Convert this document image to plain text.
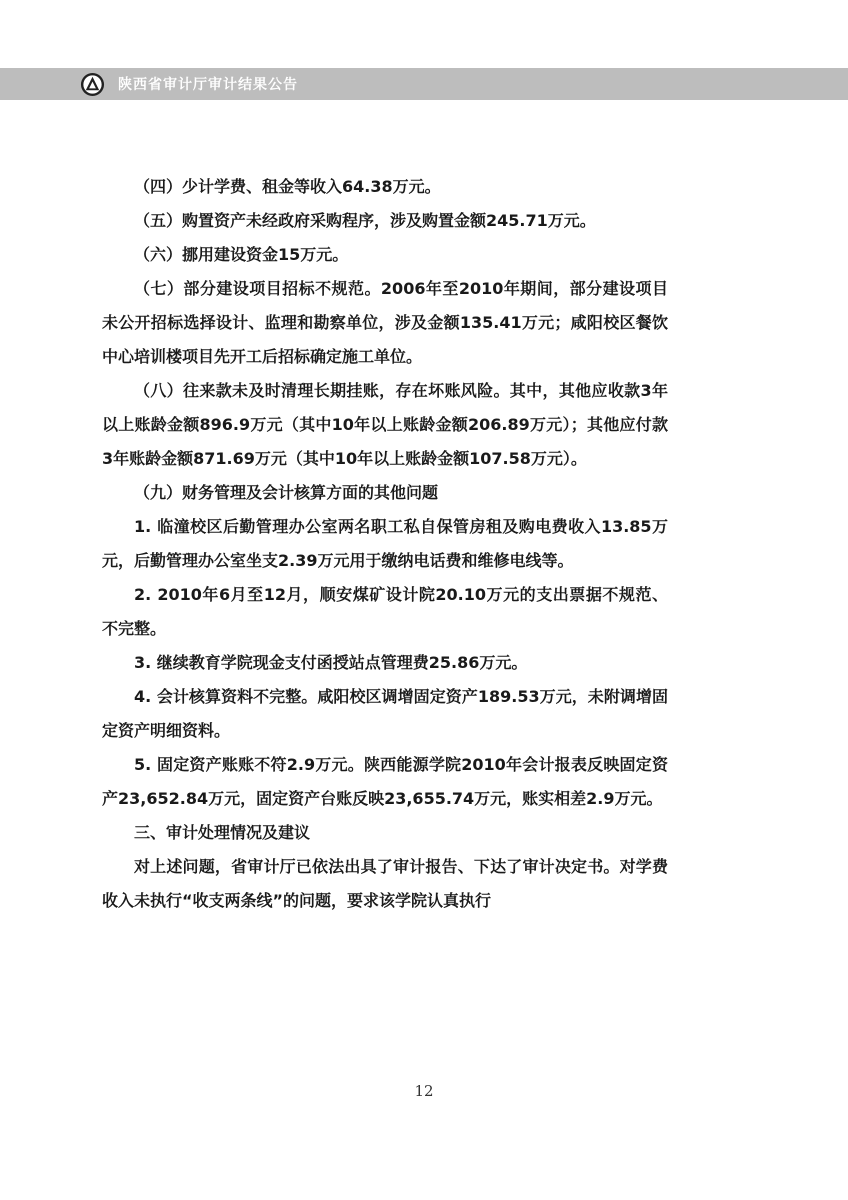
陕西省审计厅审计结果公告

（四）少计学费、租金等收入64.38万元。

（五）购置资产未经政府采购程序，涉及购置金额245.71万元。

（六）挪用建设资金15万元。

（七）部分建设项目招标不规范。2006年至2010年期间，部分建设项目未公开招标选择设计、监理和勘察单位，涉及金额135.41万元；咸阳校区餐饮中心培训楼项目先开工后招标确定施工单位。

（八）往来款未及时清理长期挂账，存在坏账风险。其中，其他应收款3年以上账龄金额896.9万元（其中10年以上账龄金额206.89万元）；其他应付款3年账龄金额871.69万元（其中10年以上账龄金额107.58万元）。

（九）财务管理及会计核算方面的其他问题

1. 临潼校区后勤管理办公室两名职工私自保管房租及购电费收入13.85万元，后勤管理办公室坐支2.39万元用于缴纳电话费和维修电线等。

2. 2010年6月至12月，顺安煤矿设计院20.10万元的支出票据不规范、不完整。

3. 继续教育学院现金支付函授站点管理费25.86万元。

4. 会计核算资料不完整。咸阳校区调增固定资产189.53万元，未附调增固定资产明细资料。

5. 固定资产账账不符2.9万元。陕西能源学院2010年会计报表反映固定资产23,652.84万元，固定资产台账反映23,655.74万元，账实相差2.9万元。

三、审计处理情况及建议

对上述问题，省审计厅已依法出具了审计报告、下达了审计决定书。对学费收入未执行“收支两条线”的问题，要求该学院认真执行

12
